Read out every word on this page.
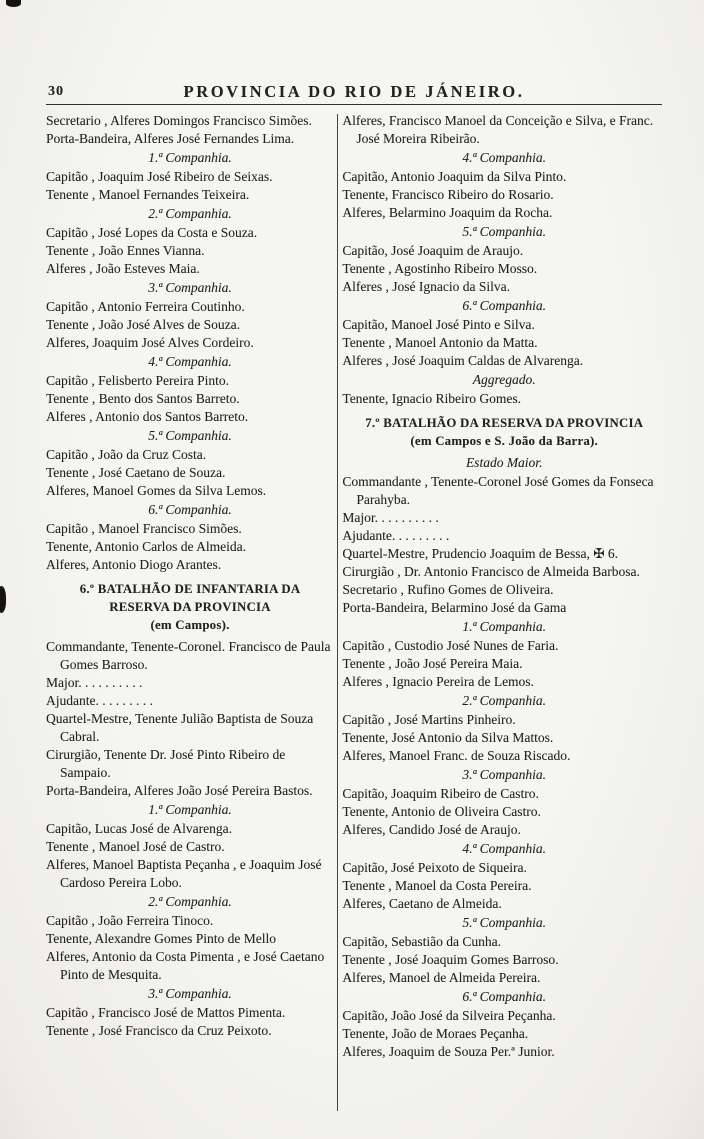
30	PROVINCIA DO RIO DE JÁNEIRO.

Secretario , Alferes Domingos Francisco Simões.

Porta-Bandeira, Alferes José Fernandes Lima.

1.ª Companhia.

Capitão , Joaquim José Ribeiro de Seixas.

Tenente , Manoel Fernandes Teixeira.

2.ª Companhia.

Capitão , José Lopes da Costa e Souza.

Tenente , João Ennes Vianna.

Alferes , João Esteves Maia.

3.ª Companhia.

Capitão , Antonio Ferreira Coutinho.

Tenente , João José Alves de Souza.

Alferes, Joaquim José Alves Cordeiro.

4.ª Companhia.

Capitão , Felisberto Pereira Pinto.

Tenente , Bento dos Santos Barreto.

Alferes , Antonio dos Santos Barreto.

5.ª Companhia.

Capitão , João da Cruz Costa.

Tenente , José Caetano de Souza.

Alferes, Manoel Gomes da Silva Lemos.

6.ª Companhia.

Capitão , Manoel Francisco Simões.

Tenente, Antonio Carlos de Almeida.

Alferes, Antonio Diogo Arantes.

6.º BATALHÃO DE INFANTARIA DA
RESERVA DA PROVINCIA
(em Campos).

Commandante, Tenente-Coronel. Francisco de Paula Gomes Barroso.

Major. . . . . . . . . .

Ajudante. . . . . . . . .

Quartel-Mestre, Tenente Julião Baptista de Souza Cabral.

Cirurgião, Tenente Dr. José Pinto Ribeiro de Sampaio.

Porta-Bandeira, Alferes João José Pereira Bastos.

1.ª Companhia.

Capitão, Lucas José de Alvarenga.

Tenente , Manoel José de Castro.

Alferes, Manoel Baptista Peçanha , e Joaquim José Cardoso Pereira Lobo.

2.ª Companhia.

Capitão , João Ferreira Tinoco.

Tenente, Alexandre Gomes Pinto de Mello

Alferes, Antonio da Costa Pimenta , e José Caetano Pinto de Mesquita.

3.ª Companhia.

Capitão , Francisco José de Mattos Pimenta.

Tenente , José Francisco da Cruz Peixoto.

Alferes, Francisco Manoel da Conceição e Silva, e Franc. José Moreira Ribeirão.

4.ª Companhia.

Capitão, Antonio Joaquim da Silva Pinto.

Tenente, Francisco Ribeiro do Rosario.

Alferes, Belarmino Joaquim da Rocha.

5.ª Companhia.

Capitão, José Joaquim de Araujo.

Tenente , Agostinho Ribeiro Mosso.

Alferes , José Ignacio da Silva.

6.ª Companhia.

Capitão, Manoel José Pinto e Silva.

Tenente , Manoel Antonio da Matta.

Alferes , José Joaquim Caldas de Alvarenga.

Aggregado.

Tenente, Ignacio Ribeiro Gomes.

7.º BATALHÃO DA RESERVA DA PROVINCIA
(em Campos e S. João da Barra).

Estado Maior.

Commandante , Tenente-Coronel José Gomes da Fonseca Parahyba.

Major. . . . . . . . . .

Ajudante. . . . . . . . .

Quartel-Mestre, Prudencio Joaquim de Bessa, ✠ 6.

Cirurgião , Dr. Antonio Francisco de Almeida Barbosa.

Secretario , Rufino Gomes de Oliveira.

Porta-Bandeira, Belarmino José da Gama

1.ª Companhia.

Capitão , Custodio José Nunes de Faria.

Tenente , João José Pereira Maia.

Alferes , Ignacio Pereira de Lemos.

2.ª Companhia.

Capitão , José Martins Pinheiro.

Tenente, José Antonio da Silva Mattos.

Alferes, Manoel Franc. de Souza Riscado.

3.ª Companhia.

Capitão, Joaquim Ribeiro de Castro.

Tenente, Antonio de Oliveira Castro.

Alferes, Candido José de Araujo.

4.ª Companhia.

Capitão, José Peixoto de Siqueira.

Tenente , Manoel da Costa Pereira.

Alferes, Caetano de Almeida.

5.ª Companhia.

Capitão, Sebastião da Cunha.

Tenente , José Joaquim Gomes Barroso.

Alferes, Manoel de Almeida Pereira.

6.ª Companhia.

Capitão, João José da Silveira Peçanha.

Tenente, João de Moraes Peçanha.

Alferes, Joaquim de Souza Per.ª Junior.
